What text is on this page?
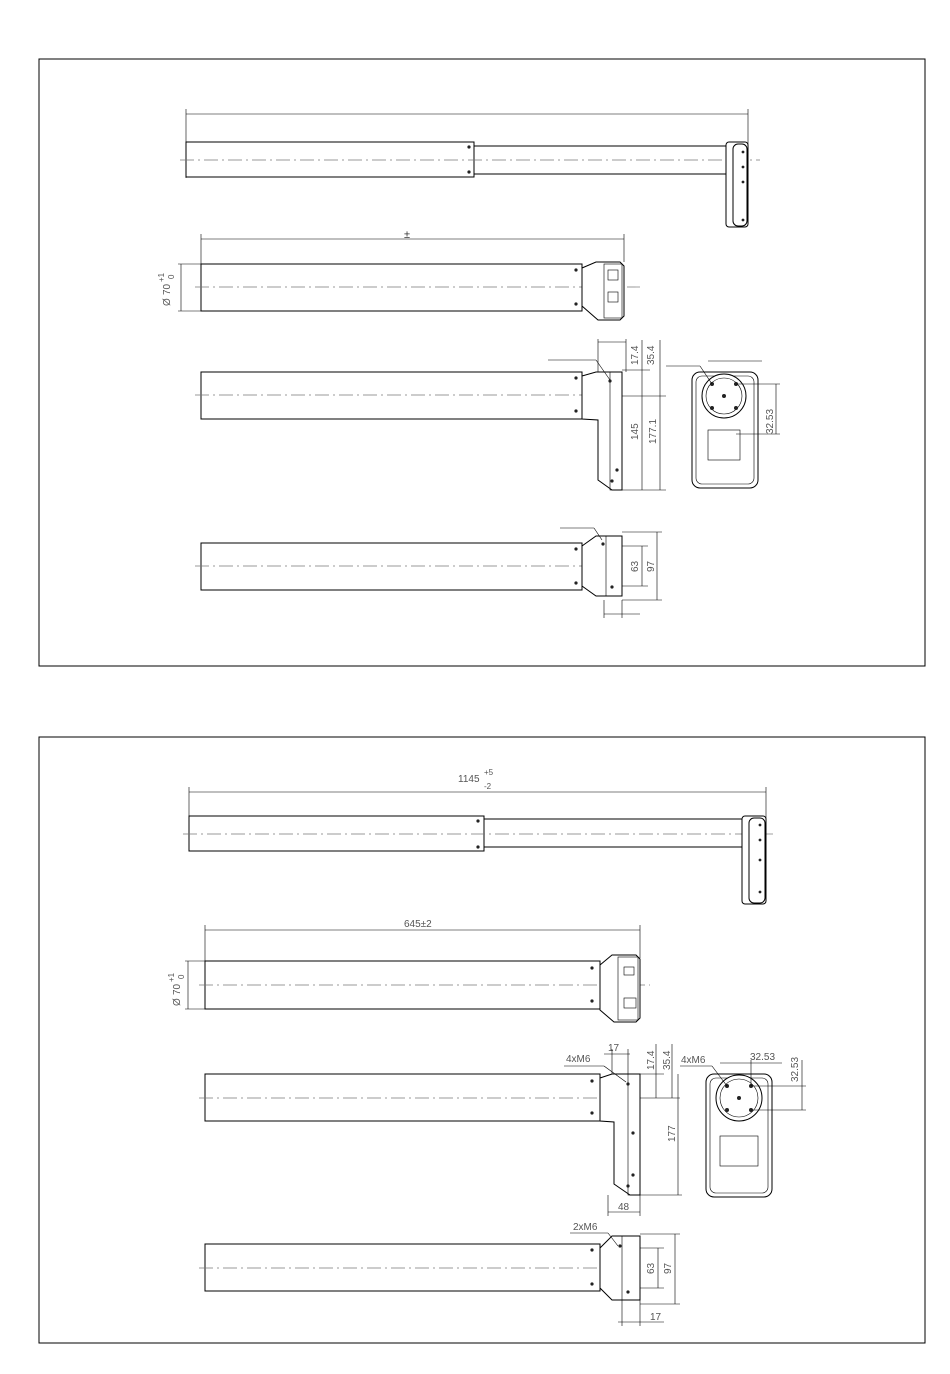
±
Ø
70
+1 0
17.4 35.4
145 177.1	32.53
63 97
1145
+5
-2
645±2
Ø
70
+1 0
4xM6
17
17.4 35.4
177
48
4xM6	32.53 32.53
2xM6
63 97
17
